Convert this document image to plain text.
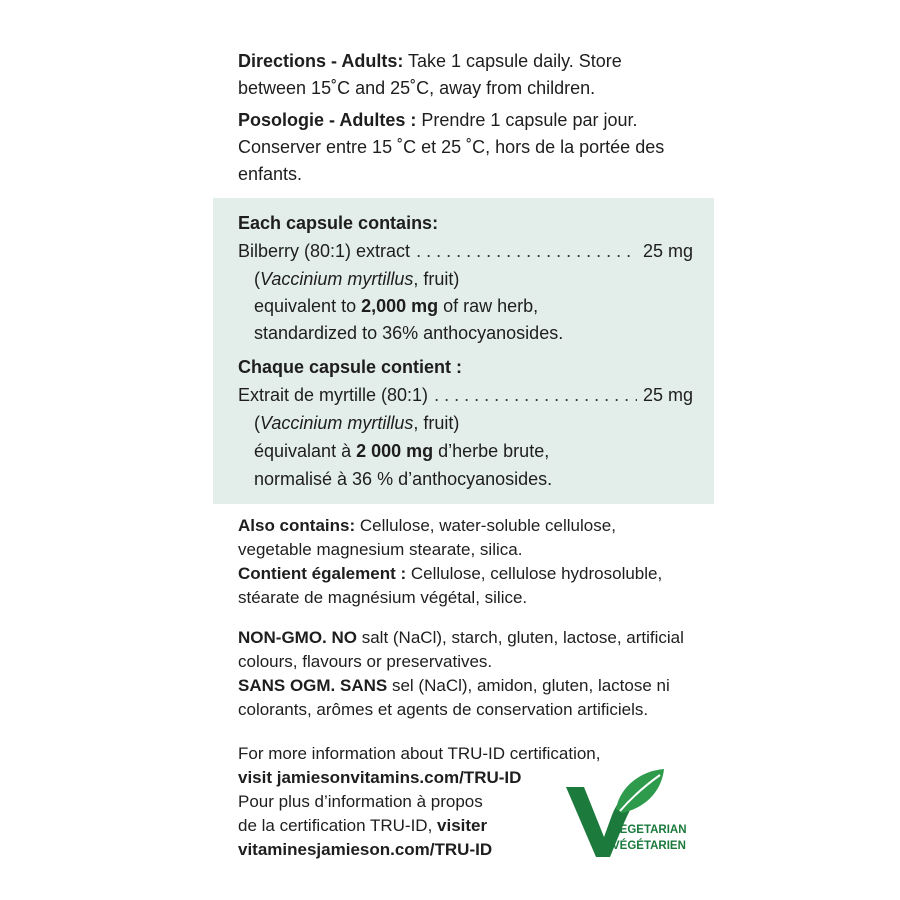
Directions - Adults: Take 1 capsule daily. Store

between 15˚C and 25˚C, away from children.

Posologie - Adultes : Prendre 1 capsule par jour.

Conserver entre 15 ˚C et 25 ˚C, hors de la portée des

enfants.

Each capsule contains:

Bilberry (80:1) extract . . .	25 mg

(Vaccinium myrtillus, fruit)

equivalent to 2,000 mg of raw herb,

standardized to 36% anthocyanosides.

Chaque capsule contient :

Extrait de myrtille (80:1) . . .	25 mg

(Vaccinium myrtillus, fruit)

équivalant à 2 000 mg d’herbe brute,

normalisé à 36 % d’anthocyanosides.

Also contains: Cellulose, water-soluble cellulose,

vegetable magnesium stearate, silica.

Contient également : Cellulose, cellulose hydrosoluble,

stéarate de magnésium végétal, silice.

NON-GMO. NO salt (NaCl), starch, gluten, lactose, artificial

colours, flavours or preservatives.

SANS OGM. SANS sel (NaCl), amidon, gluten, lactose ni

colorants, arômes et agents de conservation artificiels.

For more information about TRU-ID certification,

visit jamiesonvitamins.com/TRU-ID

Pour plus d’information à propos

de la certification TRU-ID, visiter

vitaminesjamieson.com/TRU-ID

VEGETARIAN
VÉGÉTARIEN
